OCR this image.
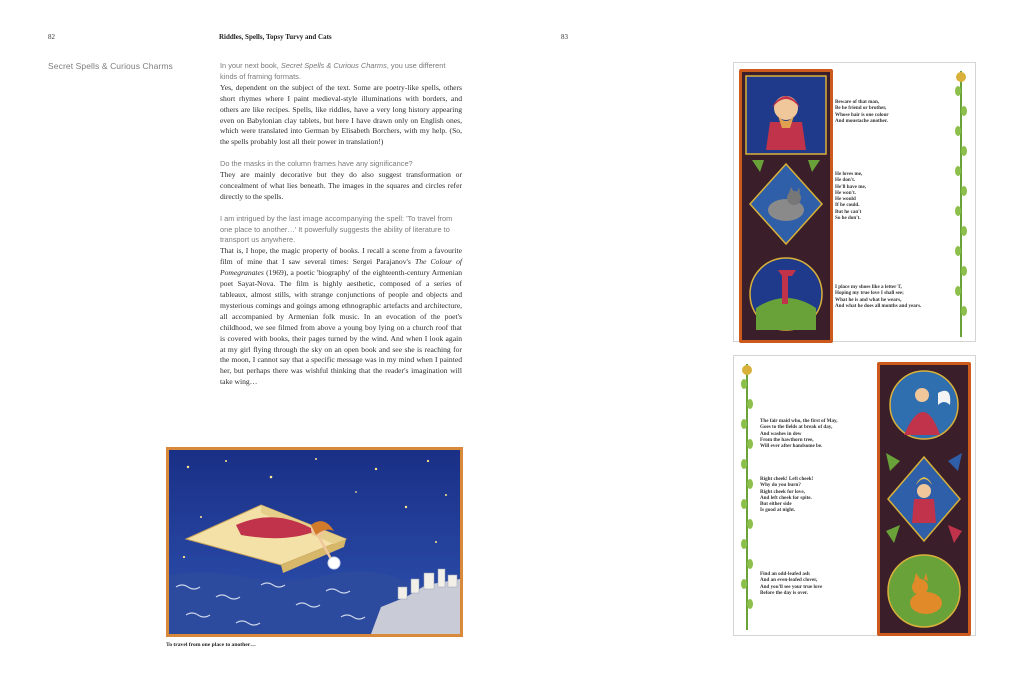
82	Riddles, Spells, Topsy Turvy and Cats
Secret Spells & Curious Charms	In your next book, Secret Spells & Curious Charms, you use different kinds of framing formats.

Yes, dependent on the subject of the text. Some are poetry-like spells, others short rhymes where I paint medieval-style illuminations with borders, and others are like recipes. Spells, like riddles, have a very long history appearing even on Babylonian clay tablets, but here I have drawn only on English ones, which were translated into German by Elisabeth Borchers, with my help. (So, the spells probably lost all their power in translation!)

Do the masks in the column frames have any significance?

They are mainly decorative but they do also suggest transformation or concealment of what lies beneath. The images in the squares and circles refer directly to the spells.

I am intrigued by the last image accompanying the spell: 'To travel from one place to another…' It powerfully suggests the ability of literature to transport us anywhere.

That is, I hope, the magic property of books. I recall a scene from a favourite film of mine that I saw several times: Sergei Parajanov's The Colour of Pomegranates (1969), a poetic 'biography' of the eighteenth-century Armenian poet Sayat-Nova. The film is highly aesthetic, composed of a series of tableaux, almost stills, with strange conjunctions of people and objects and mysterious comings and goings among ethnographic artefacts and architecture, all accompanied by Armenian folk music. In an evocation of the poet's childhood, we see filmed from above a young boy lying on a church roof that is covered with books, their pages turned by the wind. And when I look again at my girl flying through the sky on an open book and see she is reaching for the moon, I cannot say that a specific message was in my mind when I painted her, but perhaps there was wishful thinking that the reader's imagination will take wing…

To travel from one place to another…
83
Beware of that man,
Be he friend or brother,
Whose hair is one colour
And moustache another.
He loves me,
He don't.
He'll have me,
He won't.
He would
If he could.
But he can't
So he don't.
I place my shoes like a letter T,
Hoping my true love I shall see;
What he is and what he wears,
And what he does all months and years.
The fair maid who, the first of May,
Goes to the fields at break of day,
And washes in dew
From the hawthorn tree,
Will ever after handsome be.
Right cheek! Left cheek!
Why do you burn?
Right cheek for love,
And left cheek for spite.
But either side
Is good at night.
Find an odd-leafed ash
And an even-leafed clover,
And you'll see your true love
Before the day is over.
